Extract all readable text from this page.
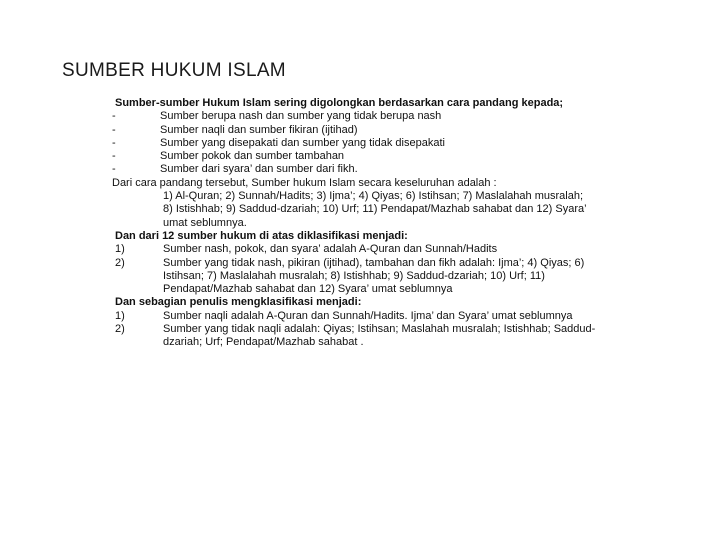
SUMBER HUKUM ISLAM
Sumber-sumber Hukum Islam sering digolongkan berdasarkan cara pandang kepada;
-	Sumber berupa nash dan sumber yang tidak berupa nash
-	Sumber naqli dan sumber fikiran (ijtihad)
-	Sumber yang disepakati dan sumber yang tidak disepakati
-	Sumber pokok dan sumber tambahan
-	Sumber dari syara’ dan sumber dari fikh.
Dari cara pandang tersebut, Sumber hukum Islam secara keseluruhan adalah :
1) Al-Quran; 2) Sunnah/Hadits; 3) Ijma’; 4) Qiyas; 6) Istihsan; 7) Maslalahah musralah; 8) Istishhab; 9) Saddud-dzariah; 10) Urf; 11) Pendapat/Mazhab sahabat dan 12) Syara’ umat seblumnya.
Dan dari 12 sumber hukum di atas diklasifikasi menjadi:
1)	Sumber nash, pokok, dan syara’ adalah A-Quran dan Sunnah/Hadits
2)	Sumber yang tidak nash, pikiran (ijtihad), tambahan dan fikh adalah: Ijma’; 4) Qiyas; 6) Istihsan; 7) Maslalahah musralah; 8) Istishhab; 9) Saddud-dzariah; 10) Urf; 11) Pendapat/Mazhab sahabat dan 12) Syara’ umat seblumnya
Dan sebagian penulis mengklasifikasi menjadi:
1)	Sumber naqli adalah A-Quran dan Sunnah/Hadits. Ijma’ dan Syara’ umat seblumnya
2)	Sumber yang tidak naqli adalah: Qiyas; Istihsan; Maslahah musralah; Istishhab; Saddud-dzariah; Urf; Pendapat/Mazhab sahabat .
